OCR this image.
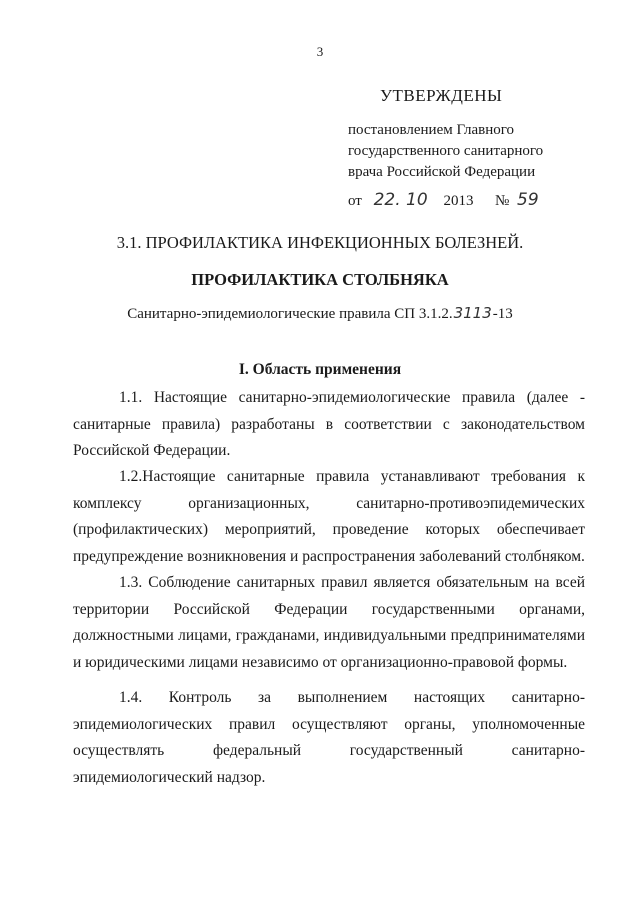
3
УТВЕРЖДЕНЫ
постановлением Главного
государственного санитарного
врача Российской Федерации
от 22. 10 2013 № 59
3.1. ПРОФИЛАКТИКА ИНФЕКЦИОННЫХ БОЛЕЗНЕЙ.
ПРОФИЛАКТИКА СТОЛБНЯКА
Санитарно-эпидемиологические правила СП 3.1.2.3113-13
I. Область применения
1.1. Настоящие санитарно-эпидемиологические правила (далее - санитарные правила) разработаны в соответствии с законодательством Российской Федерации.
1.2.Настоящие санитарные правила устанавливают требования к комплексу организационных, санитарно-противоэпидемических (профилактических) мероприятий, проведение которых обеспечивает предупреждение возникновения и распространения заболеваний столбняком.
1.3. Соблюдение санитарных правил является обязательным на всей территории Российской Федерации государственными органами, должностными лицами, гражданами, индивидуальными предпринимателями и юридическими лицами независимо от организационно-правовой формы.
1.4. Контроль за выполнением настоящих санитарно-эпидемиологических правил осуществляют органы, уполномоченные осуществлять федеральный государственный санитарно-эпидемиологический надзор.
